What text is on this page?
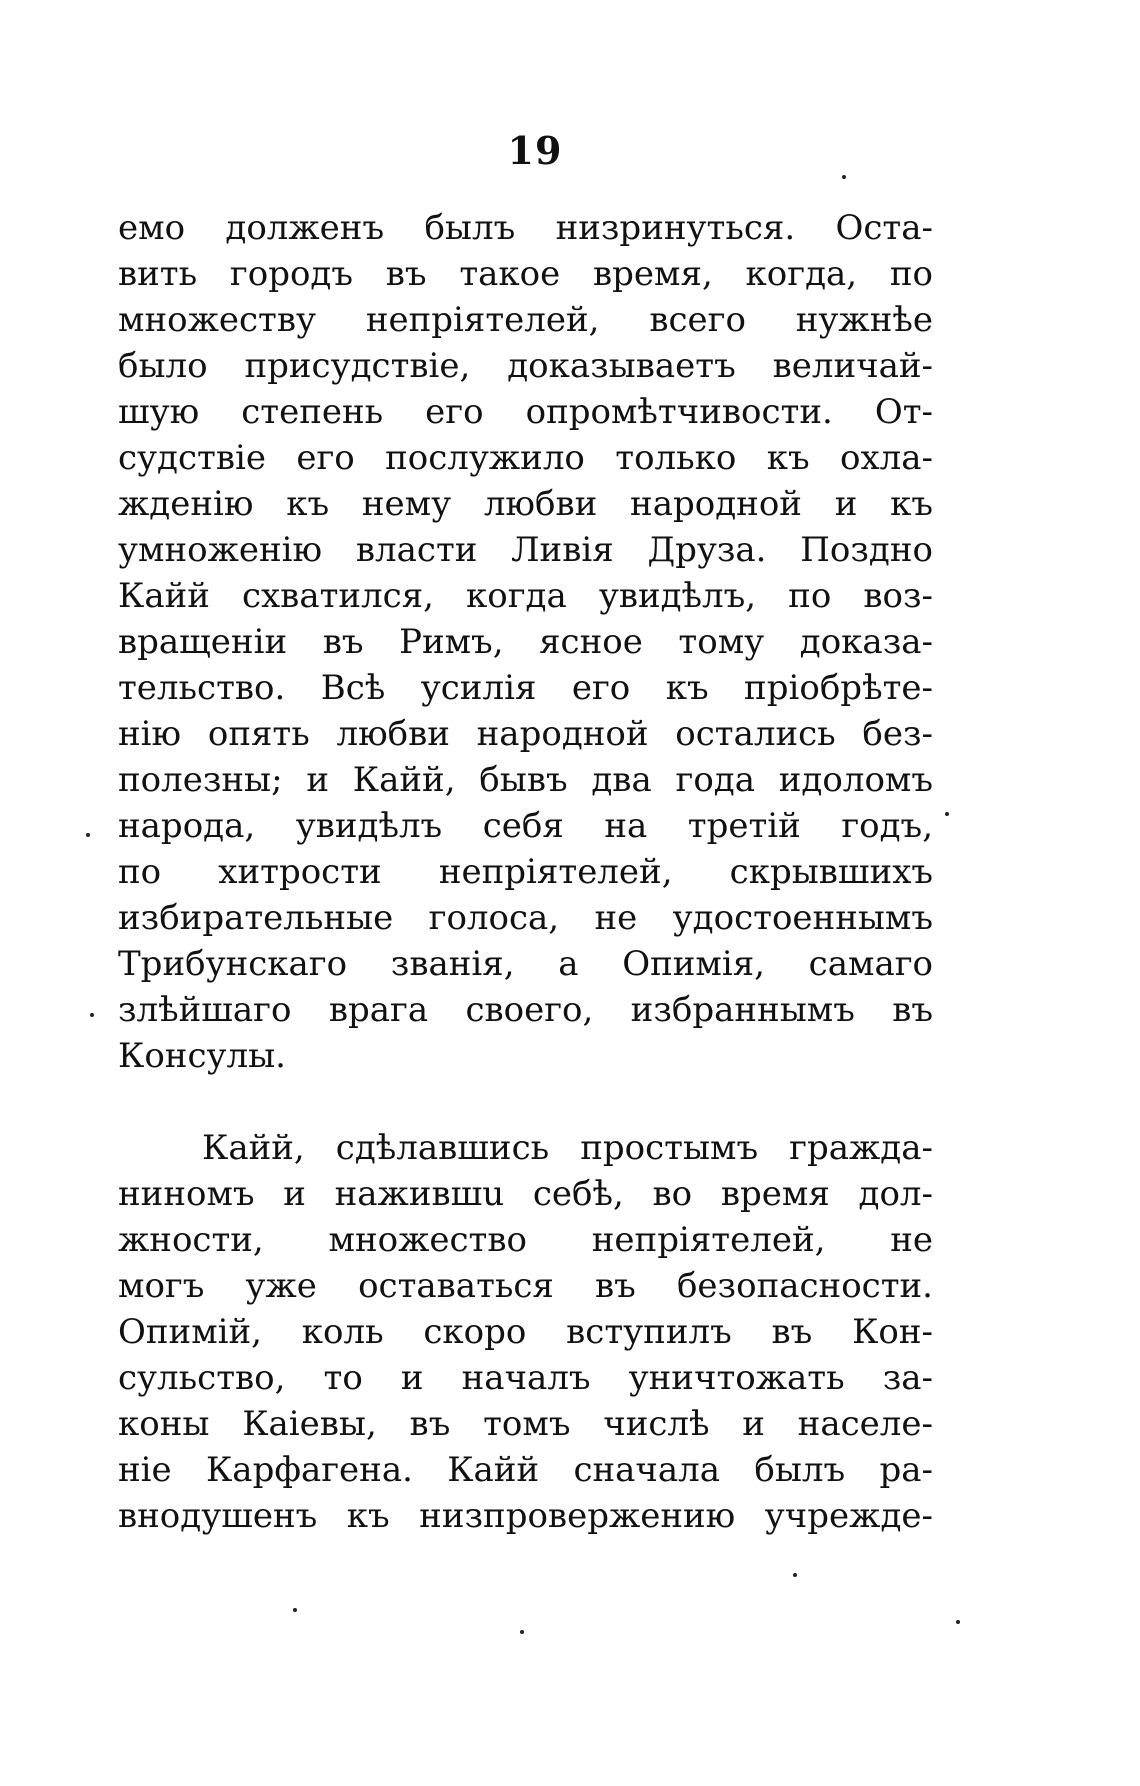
19
емо долженъ былъ низринуться. Оста-
вить городъ въ такое время, когда, по
множеству непріятелей, всего нужнѣе
было присудствіе, доказываетъ величай-
шую степень его опромѣтчивости. От-
судствіе его послужило только къ охла-
жденію къ нему любви народной и къ
умноженію власти Ливія Друза. Поздно
Кайй схватился, когда увидѣлъ, по воз-
вращеніи въ Римъ, ясное тому доказа-
тельство. Всѣ усилія его къ пріобрѣте-
нію опять любви народной остались без-
полезны; и Кайй, бывъ два года идоломъ
народа, увидѣлъ себя на третій годъ,
по хитрости непріятелей, скрывшихъ
избирательные голоса, не удостоеннымъ
Трибунскаго званія, а Опимія, самаго
злѣйшаго врага своего, избраннымъ въ
Консулы.
Кайй, сдѣлавшись простымъ гражда-
ниномъ и нажившu себѣ, во время дол-
жности, множество непріятелей, не
могъ уже оставаться въ безопасности.
Опимій, коль скоро вступилъ въ Кон-
сульство, то и началъ уничтожать за-
коны Каіевы, въ томъ числѣ и населе-
ніе Карфагена. Кайй сначала былъ ра-
внодушенъ къ низпровержению учрежде-
